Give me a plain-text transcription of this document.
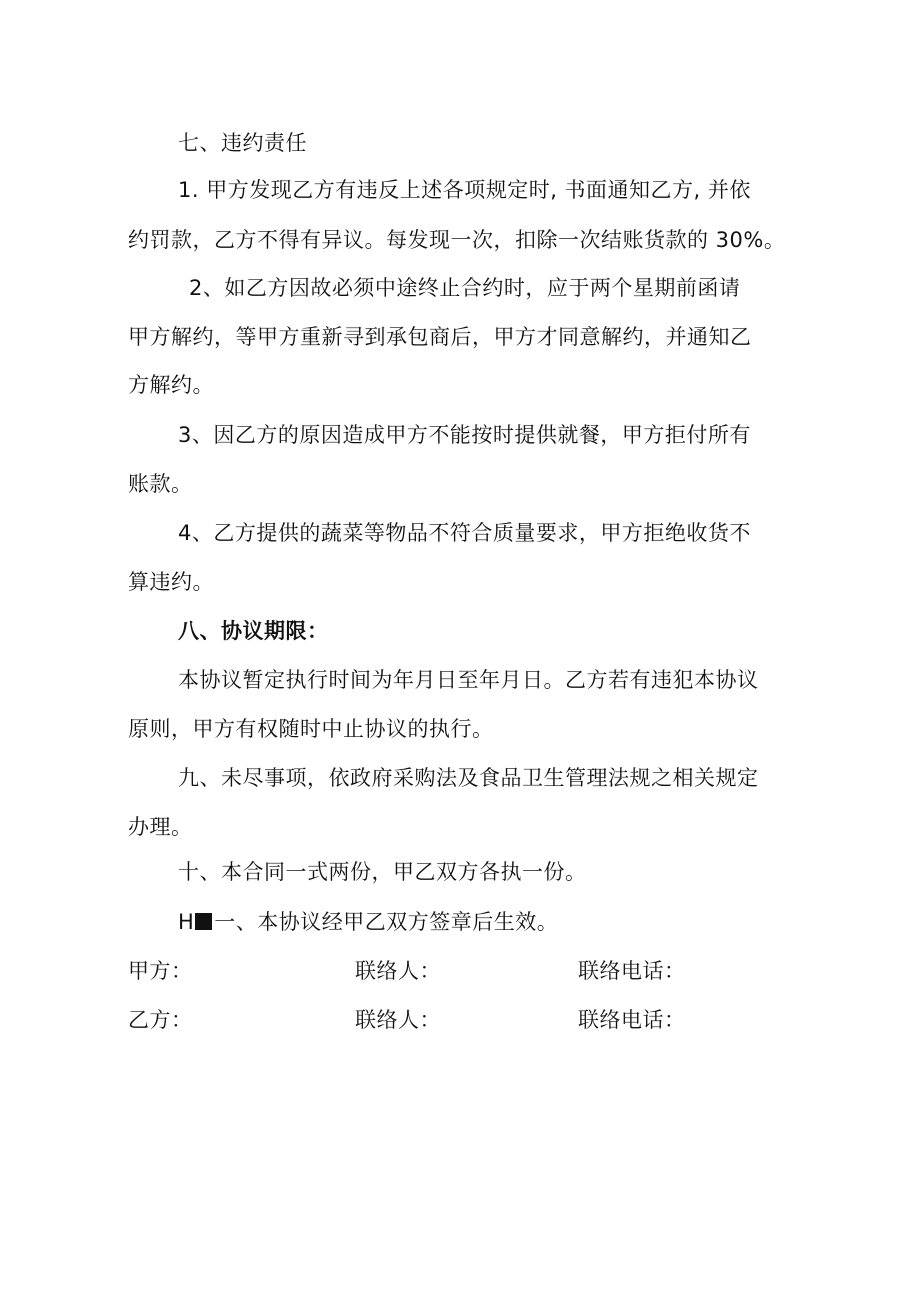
七、违约责任
1. 甲方发现乙方有违反上述各项规定时, 书面通知乙方, 并依
约罚款，乙方不得有异议。每发现一次，扣除一次结账货款的 30%。
2、如乙方因故必须中途终止合约时，应于两个星期前函请
甲方解约，等甲方重新寻到承包商后，甲方才同意解约，并通知乙
方解约。
3、因乙方的原因造成甲方不能按时提供就餐，甲方拒付所有
账款。
4、乙方提供的蔬菜等物品不符合质量要求，甲方拒绝收货不
算违约。
八、协议期限：
本协议暂定执行时间为年月日至年月日。乙方若有违犯本协议
原则，甲方有权随时中止协议的执行。
九、未尽事项，依政府采购法及食品卫生管理法规之相关规定
办理。
十、本合同一式两份，甲乙双方各执一份。
H 一、本协议经甲乙双方签章后生效。
甲方：	联络人：	联络电话：
乙方：	联络人：	联络电话：
